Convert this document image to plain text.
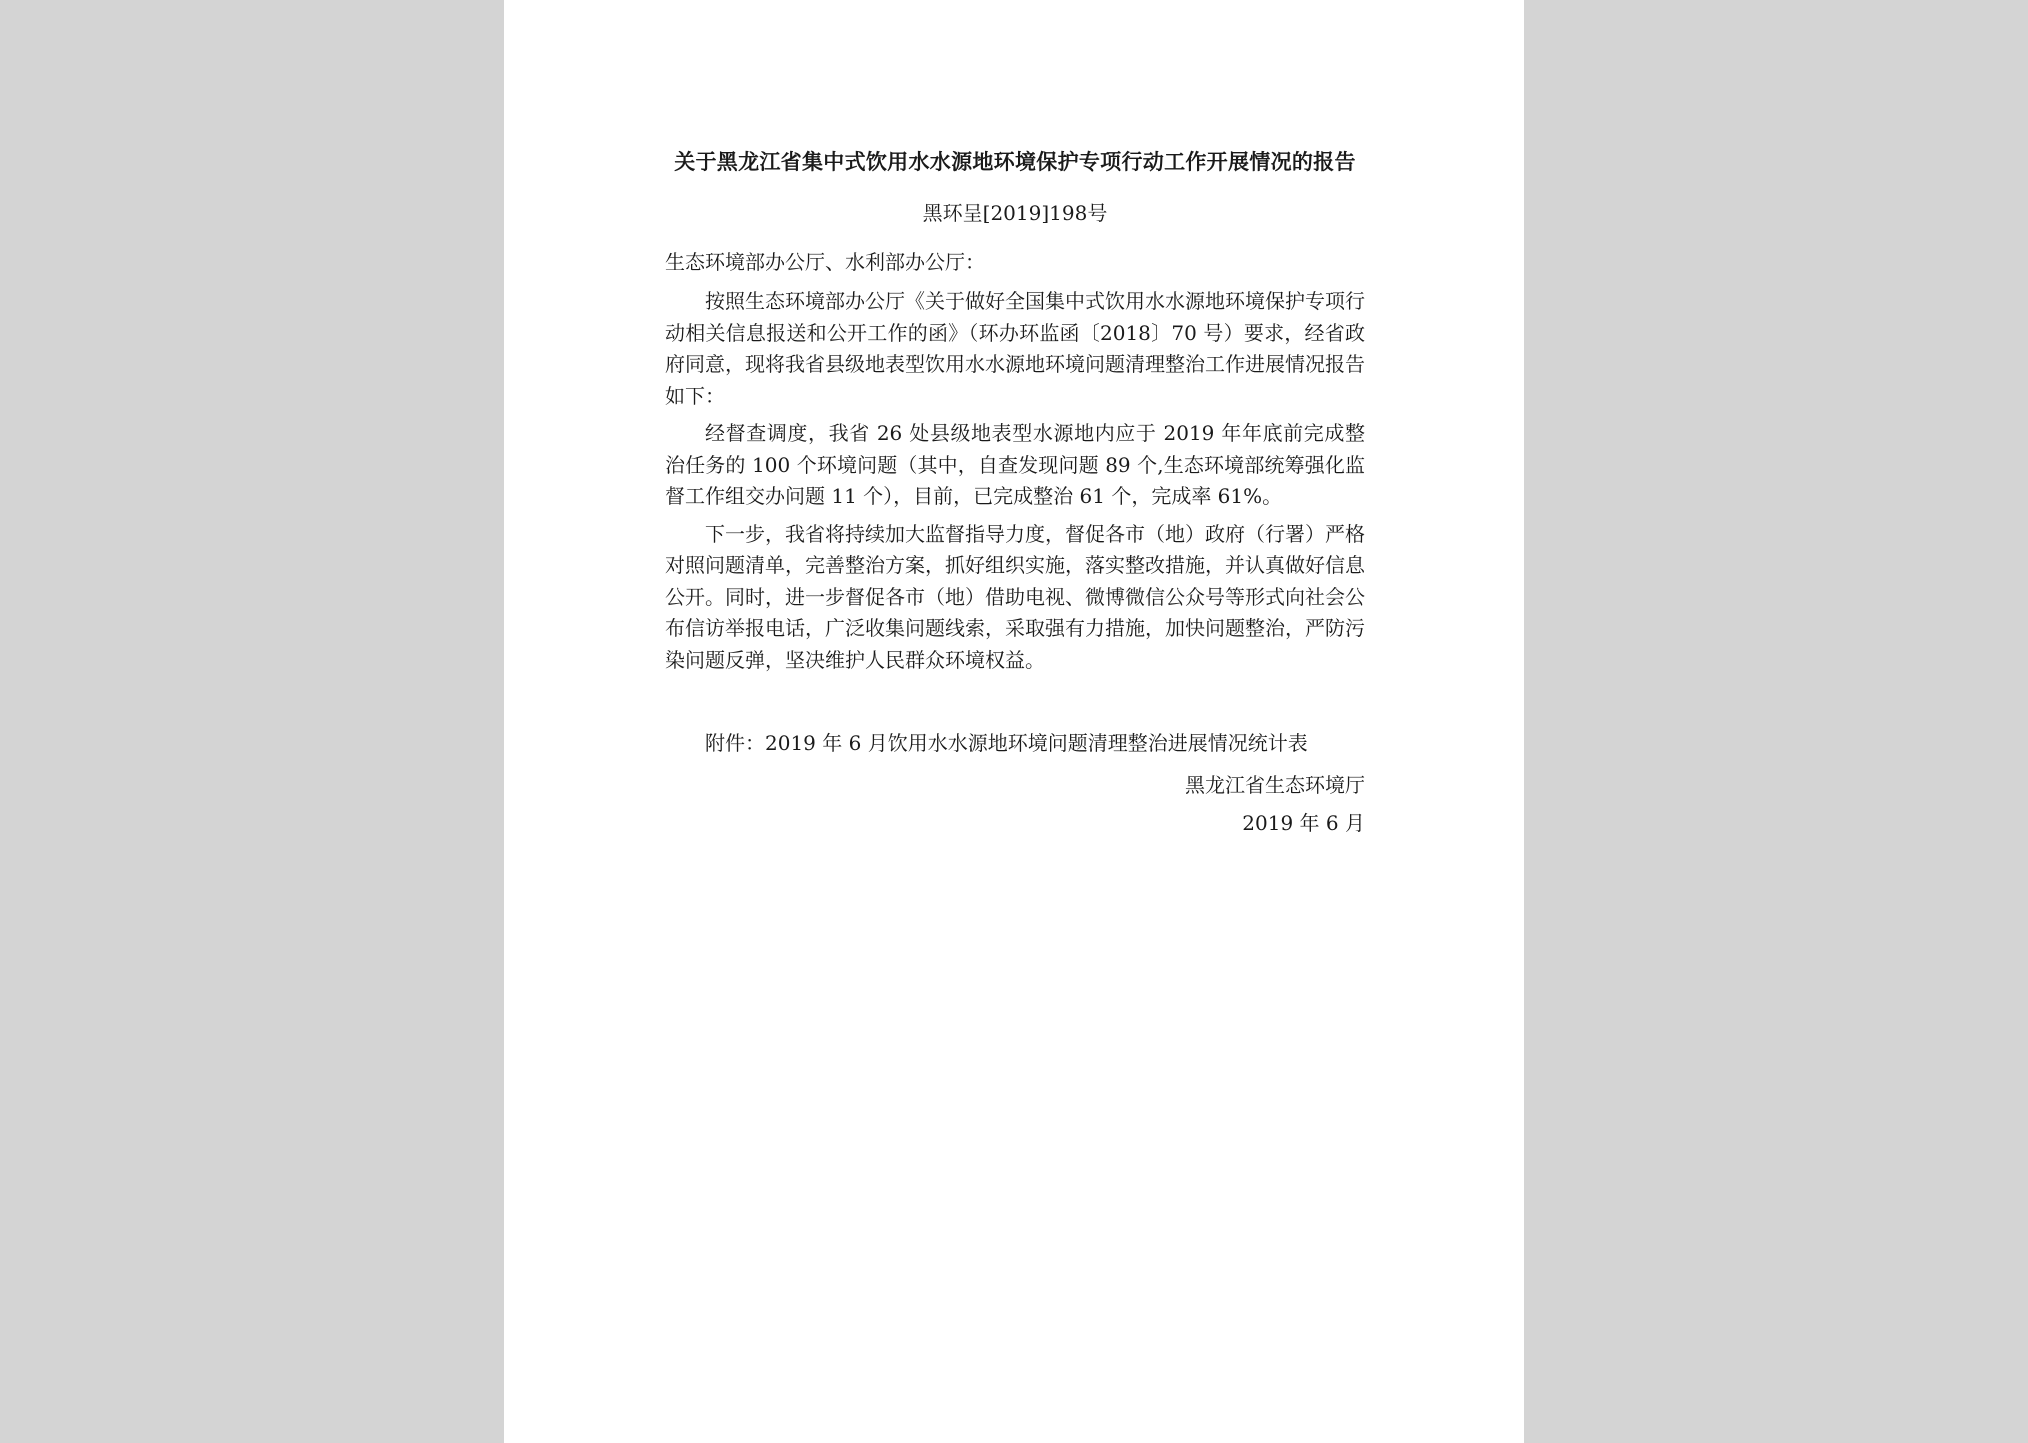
关于黑龙江省集中式饮用水水源地环境保护专项行动工作开展情况的报告
黑环呈[2019]198号
生态环境部办公厅、水利部办公厅：

按照生态环境部办公厅《关于做好全国集中式饮用水水源地环境保护专项行动相关信息报送和公开工作的函》（环办环监函〔2018〕70 号）要求，经省政府同意，现将我省县级地表型饮用水水源地环境问题清理整治工作进展情况报告如下：

经督查调度，我省 26 处县级地表型水源地内应于 2019 年年底前完成整治任务的 100 个环境问题（其中，自查发现问题 89 个,生态环境部统筹强化监督工作组交办问题 11 个），目前，已完成整治 61 个，完成率 61%。

下一步，我省将持续加大监督指导力度，督促各市（地）政府（行署）严格对照问题清单，完善整治方案，抓好组织实施，落实整改措施，并认真做好信息公开。同时，进一步督促各市（地）借助电视、微博微信公众号等形式向社会公布信访举报电话，广泛收集问题线索，采取强有力措施，加快问题整治，严防污染问题反弹，坚决维护人民群众环境权益。

附件：2019 年 6 月饮用水水源地环境问题清理整治进展情况统计表
黑龙江省生态环境厅
2019 年 6 月
